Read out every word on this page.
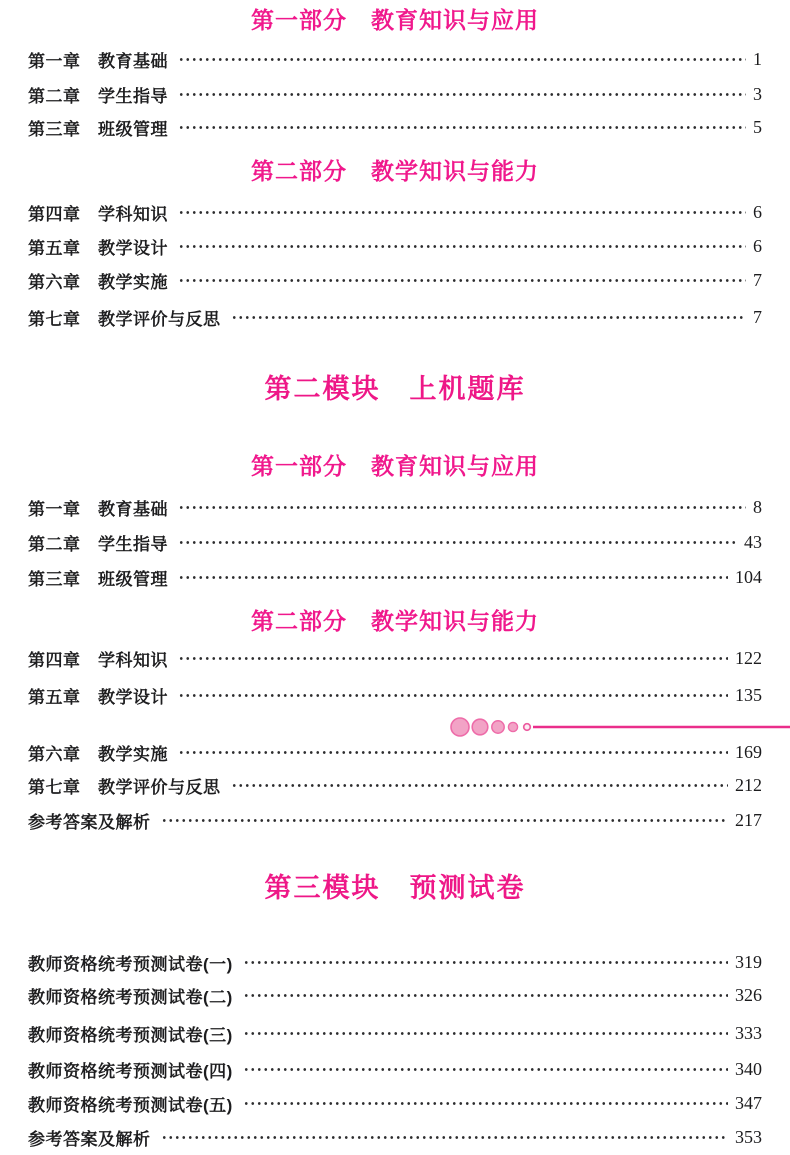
第一部分　教育知识与应用
第一章　教育基础	1
第二章　学生指导	3
第三章　班级管理	5
第二部分　教学知识与能力
第四章　学科知识	6
第五章　教学设计	6
第六章　教学实施	7
第七章　教学评价与反思	7
第二模块　上机题库
第一部分　教育知识与应用
第一章　教育基础	8
第二章　学生指导	43
第三章　班级管理	104
第二部分　教学知识与能力
第四章　学科知识	122
第五章　教学设计	135
第六章　教学实施	169
第七章　教学评价与反思	212
参考答案及解析	217
第三模块　预测试卷
教师资格统考预测试卷(一)	319
教师资格统考预测试卷(二)	326
教师资格统考预测试卷(三)	333
教师资格统考预测试卷(四)	340
教师资格统考预测试卷(五)	347
参考答案及解析	353
